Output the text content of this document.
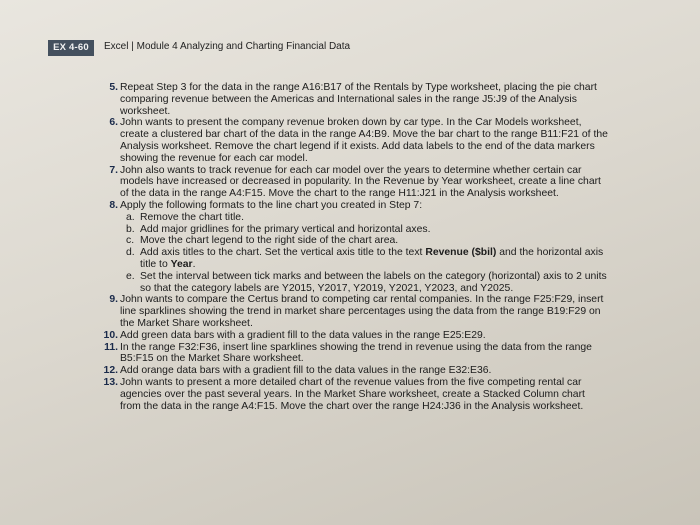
EX 4-60	Excel | Module 4 Analyzing and Charting Financial Data
5. Repeat Step 3 for the data in the range A16:B17 of the Rentals by Type worksheet, placing the pie chart comparing revenue between the Americas and International sales in the range J5:J9 of the Analysis worksheet.
6. John wants to present the company revenue broken down by car type. In the Car Models worksheet, create a clustered bar chart of the data in the range A4:B9. Move the bar chart to the range B11:F21 of the Analysis worksheet. Remove the chart legend if it exists. Add data labels to the end of the data markers showing the revenue for each car model.
7. John also wants to track revenue for each car model over the years to determine whether certain car models have increased or decreased in popularity. In the Revenue by Year worksheet, create a line chart of the data in the range A4:F15. Move the chart to the range H11:J21 in the Analysis worksheet.
8. Apply the following formats to the line chart you created in Step 7:
a. Remove the chart title.
b. Add major gridlines for the primary vertical and horizontal axes.
c. Move the chart legend to the right side of the chart area.
d. Add axis titles to the chart. Set the vertical axis title to the text Revenue ($bil) and the horizontal axis title to Year.
e. Set the interval between tick marks and between the labels on the category (horizontal) axis to 2 units so that the category labels are Y2015, Y2017, Y2019, Y2021, Y2023, and Y2025.
9. John wants to compare the Certus brand to competing car rental companies. In the range F25:F29, insert line sparklines showing the trend in market share percentages using the data from the range B19:F29 on the Market Share worksheet.
10. Add green data bars with a gradient fill to the data values in the range E25:E29.
11. In the range F32:F36, insert line sparklines showing the trend in revenue using the data from the range B5:F15 on the Market Share worksheet.
12. Add orange data bars with a gradient fill to the data values in the range E32:E36.
13. John wants to present a more detailed chart of the revenue values from the five competing rental car agencies over the past several years. In the Market Share worksheet, create a Stacked Column chart from the data in the range A4:F15. Move the chart over the range H24:J36 in the Analysis worksheet.
